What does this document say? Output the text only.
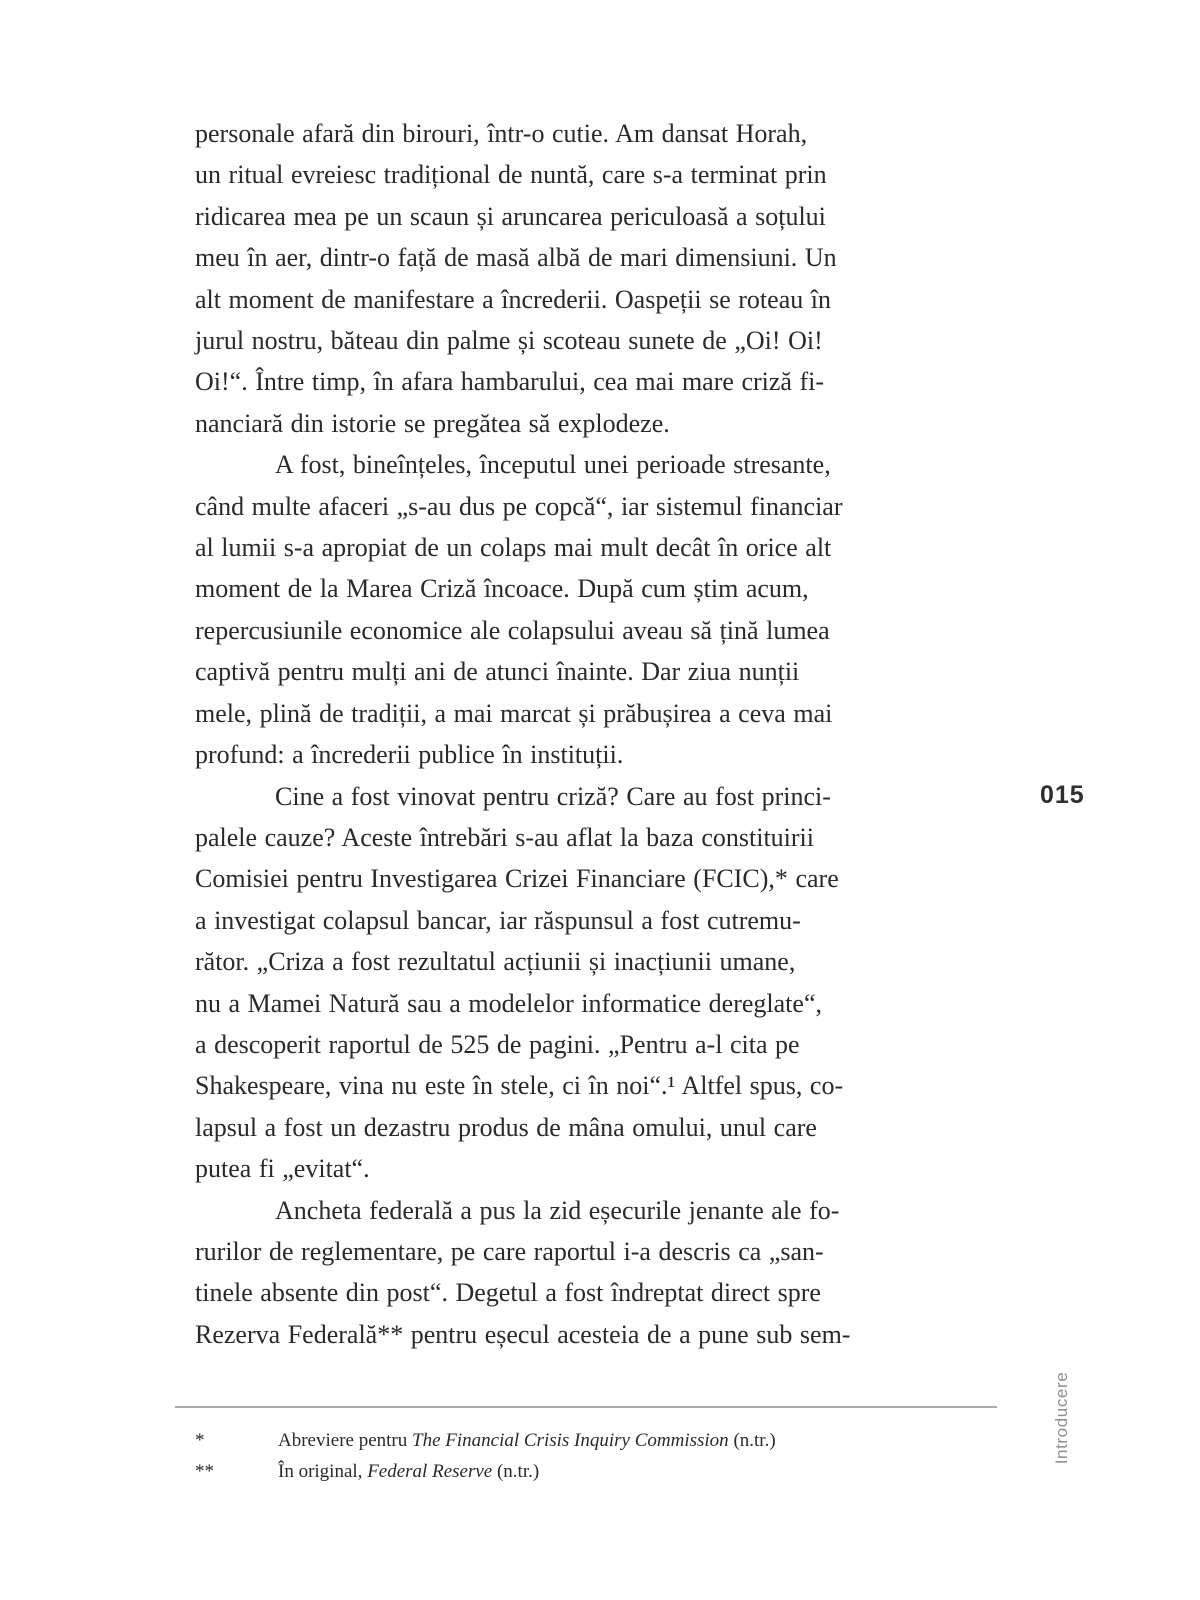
personale afară din birouri, într-o cutie. Am dansat Horah,
un ritual evreiesc tradițional de nuntă, care s-a terminat prin
ridicarea mea pe un scaun și aruncarea periculoasă a soțului
meu în aer, dintr-o față de masă albă de mari dimensiuni. Un
alt moment de manifestare a încrederii. Oaspeții se roteau în
jurul nostru, băteau din palme și scoteau sunete de „Oi! Oi!
Oi!“. Între timp, în afara hambarului, cea mai mare criză fi-
nanciară din istorie se pregătea să explodeze.
A fost, bineînțeles, începutul unei perioade stresante,
când multe afaceri „s-au dus pe copcă“, iar sistemul financiar
al lumii s-a apropiat de un colaps mai mult decât în orice alt
moment de la Marea Criză încoace. După cum știm acum,
repercusiunile economice ale colapsului aveau să țină lumea
captivă pentru mulți ani de atunci înainte. Dar ziua nunții
mele, plină de tradiții, a mai marcat și prăbușirea a ceva mai
profund: a încrederii publice în instituții.
Cine a fost vinovat pentru criză? Care au fost princi-
palele cauze? Aceste întrebări s-au aflat la baza constituirii
Comisiei pentru Investigarea Crizei Financiare (FCIC),* care
a investigat colapsul bancar, iar răspunsul a fost cutremu-
rător. „Criza a fost rezultatul acțiunii și inacțiunii umane,
nu a Mamei Natură sau a modelelor informatice dereglate“,
a descoperit raportul de 525 de pagini. „Pentru a-l cita pe
Shakespeare, vina nu este în stele, ci în noi“.¹ Altfel spus, co-
lapsul a fost un dezastru produs de mâna omului, unul care
putea fi „evitat“.
Ancheta federală a pus la zid eșecurile jenante ale fo-
rurilor de reglementare, pe care raportul i-a descris ca „san-
tinele absente din post“. Degetul a fost îndreptat direct spre
Rezerva Federală** pentru eșecul acesteia de a pune sub sem-
015
Introducere
*	Abreviere pentru The Financial Crisis Inquiry Commission (n.tr.)
**	În original, Federal Reserve (n.tr.)
